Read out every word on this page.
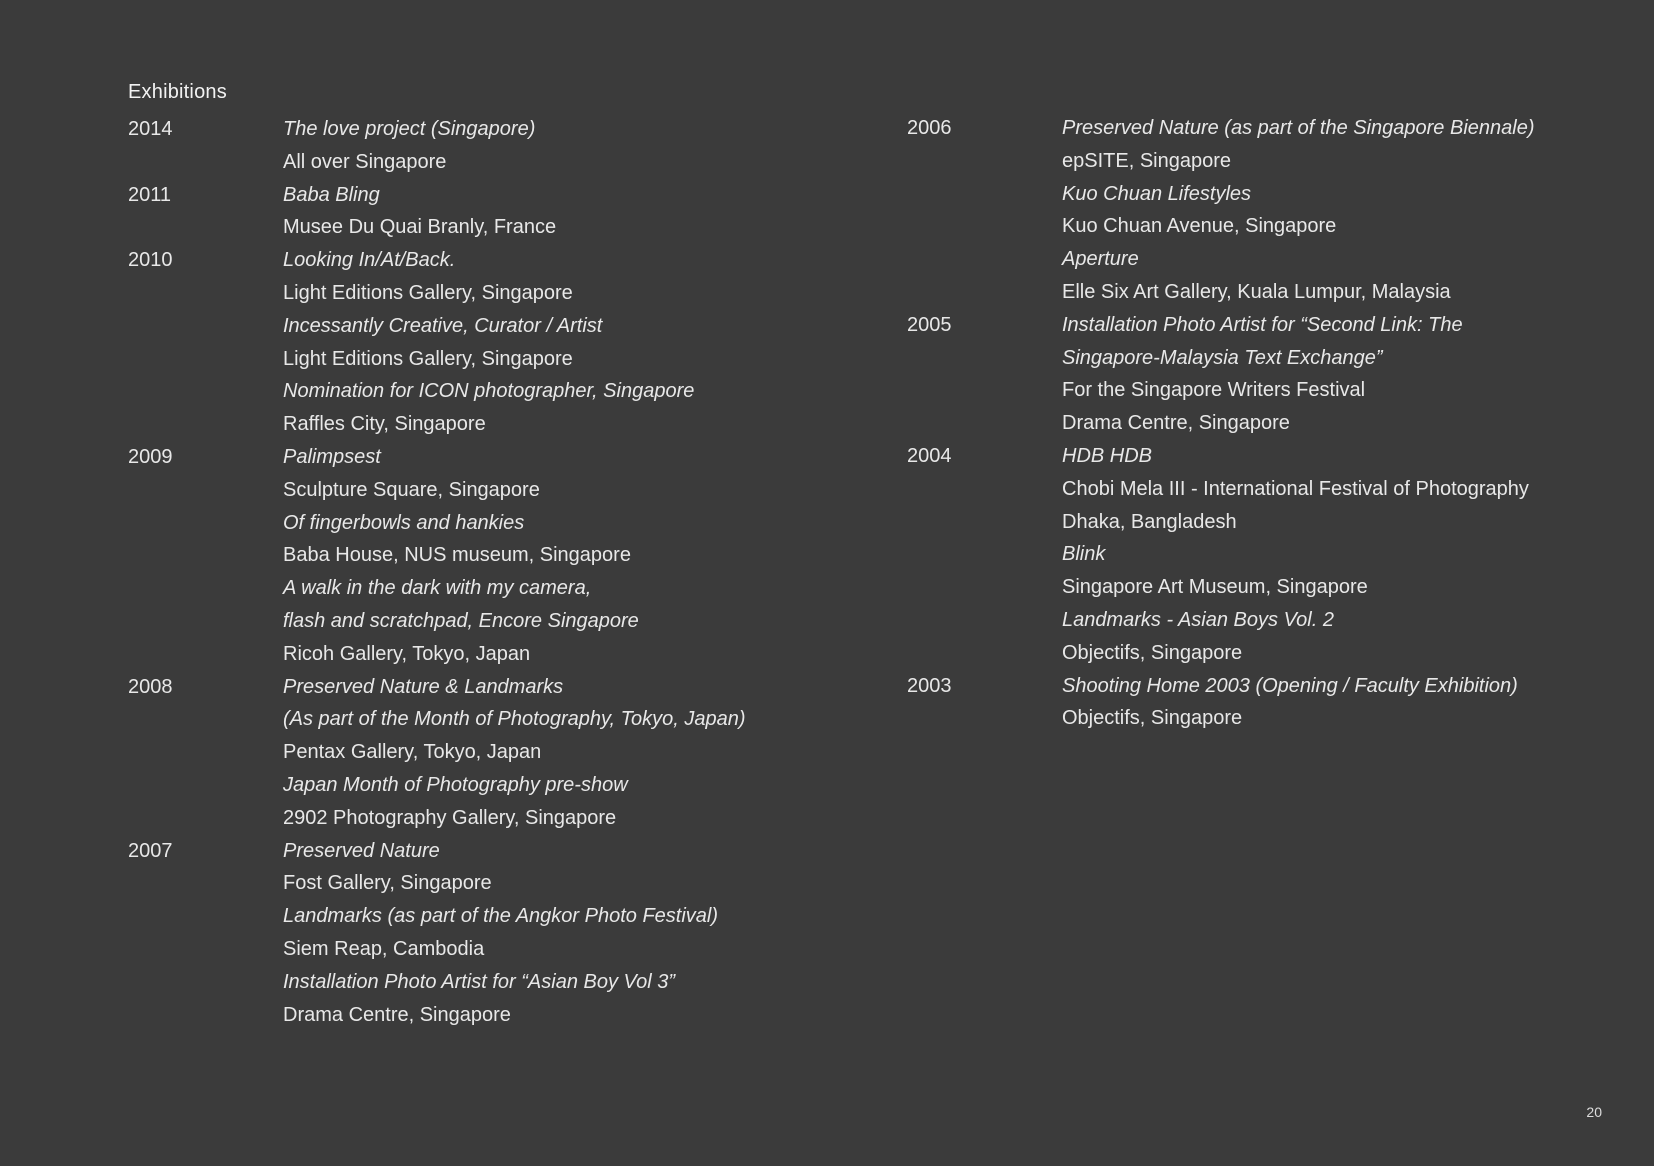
Exhibitions
2014	The love project (Singapore)
All over Singapore
2011	Baba Bling
Musee Du Quai Branly, France
2010	Looking In/At/Back.
Light Editions Gallery, Singapore
Incessantly Creative, Curator / Artist
Light Editions Gallery, Singapore
Nomination for ICON photographer, Singapore
Raffles City, Singapore
2009	Palimpsest
Sculpture Square, Singapore
Of fingerbowls and hankies
Baba House, NUS museum, Singapore
A walk in the dark with my camera,
flash and scratchpad, Encore Singapore
Ricoh Gallery, Tokyo, Japan
2008	Preserved Nature & Landmarks
(As part of the Month of Photography, Tokyo, Japan)
Pentax Gallery, Tokyo, Japan
Japan Month of Photography pre-show
2902 Photography Gallery, Singapore
2007	Preserved Nature
Fost Gallery, Singapore
Landmarks (as part of the Angkor Photo Festival)
Siem Reap, Cambodia
Installation Photo Artist for “Asian Boy Vol 3”
Drama Centre, Singapore
2006	Preserved Nature (as part of the Singapore Biennale)
epSITE, Singapore
Kuo Chuan Lifestyles
Kuo Chuan Avenue, Singapore
Aperture
Elle Six Art Gallery, Kuala Lumpur, Malaysia
2005	Installation Photo Artist for “Second Link: The
Singapore-Malaysia Text Exchange”
For the Singapore Writers Festival
Drama Centre, Singapore
2004	HDB HDB
Chobi Mela III - International Festival of Photography
Dhaka, Bangladesh
Blink
Singapore Art Museum, Singapore
Landmarks - Asian Boys Vol. 2
Objectifs, Singapore
2003	Shooting Home 2003 (Opening / Faculty Exhibition)
Objectifs, Singapore
20
